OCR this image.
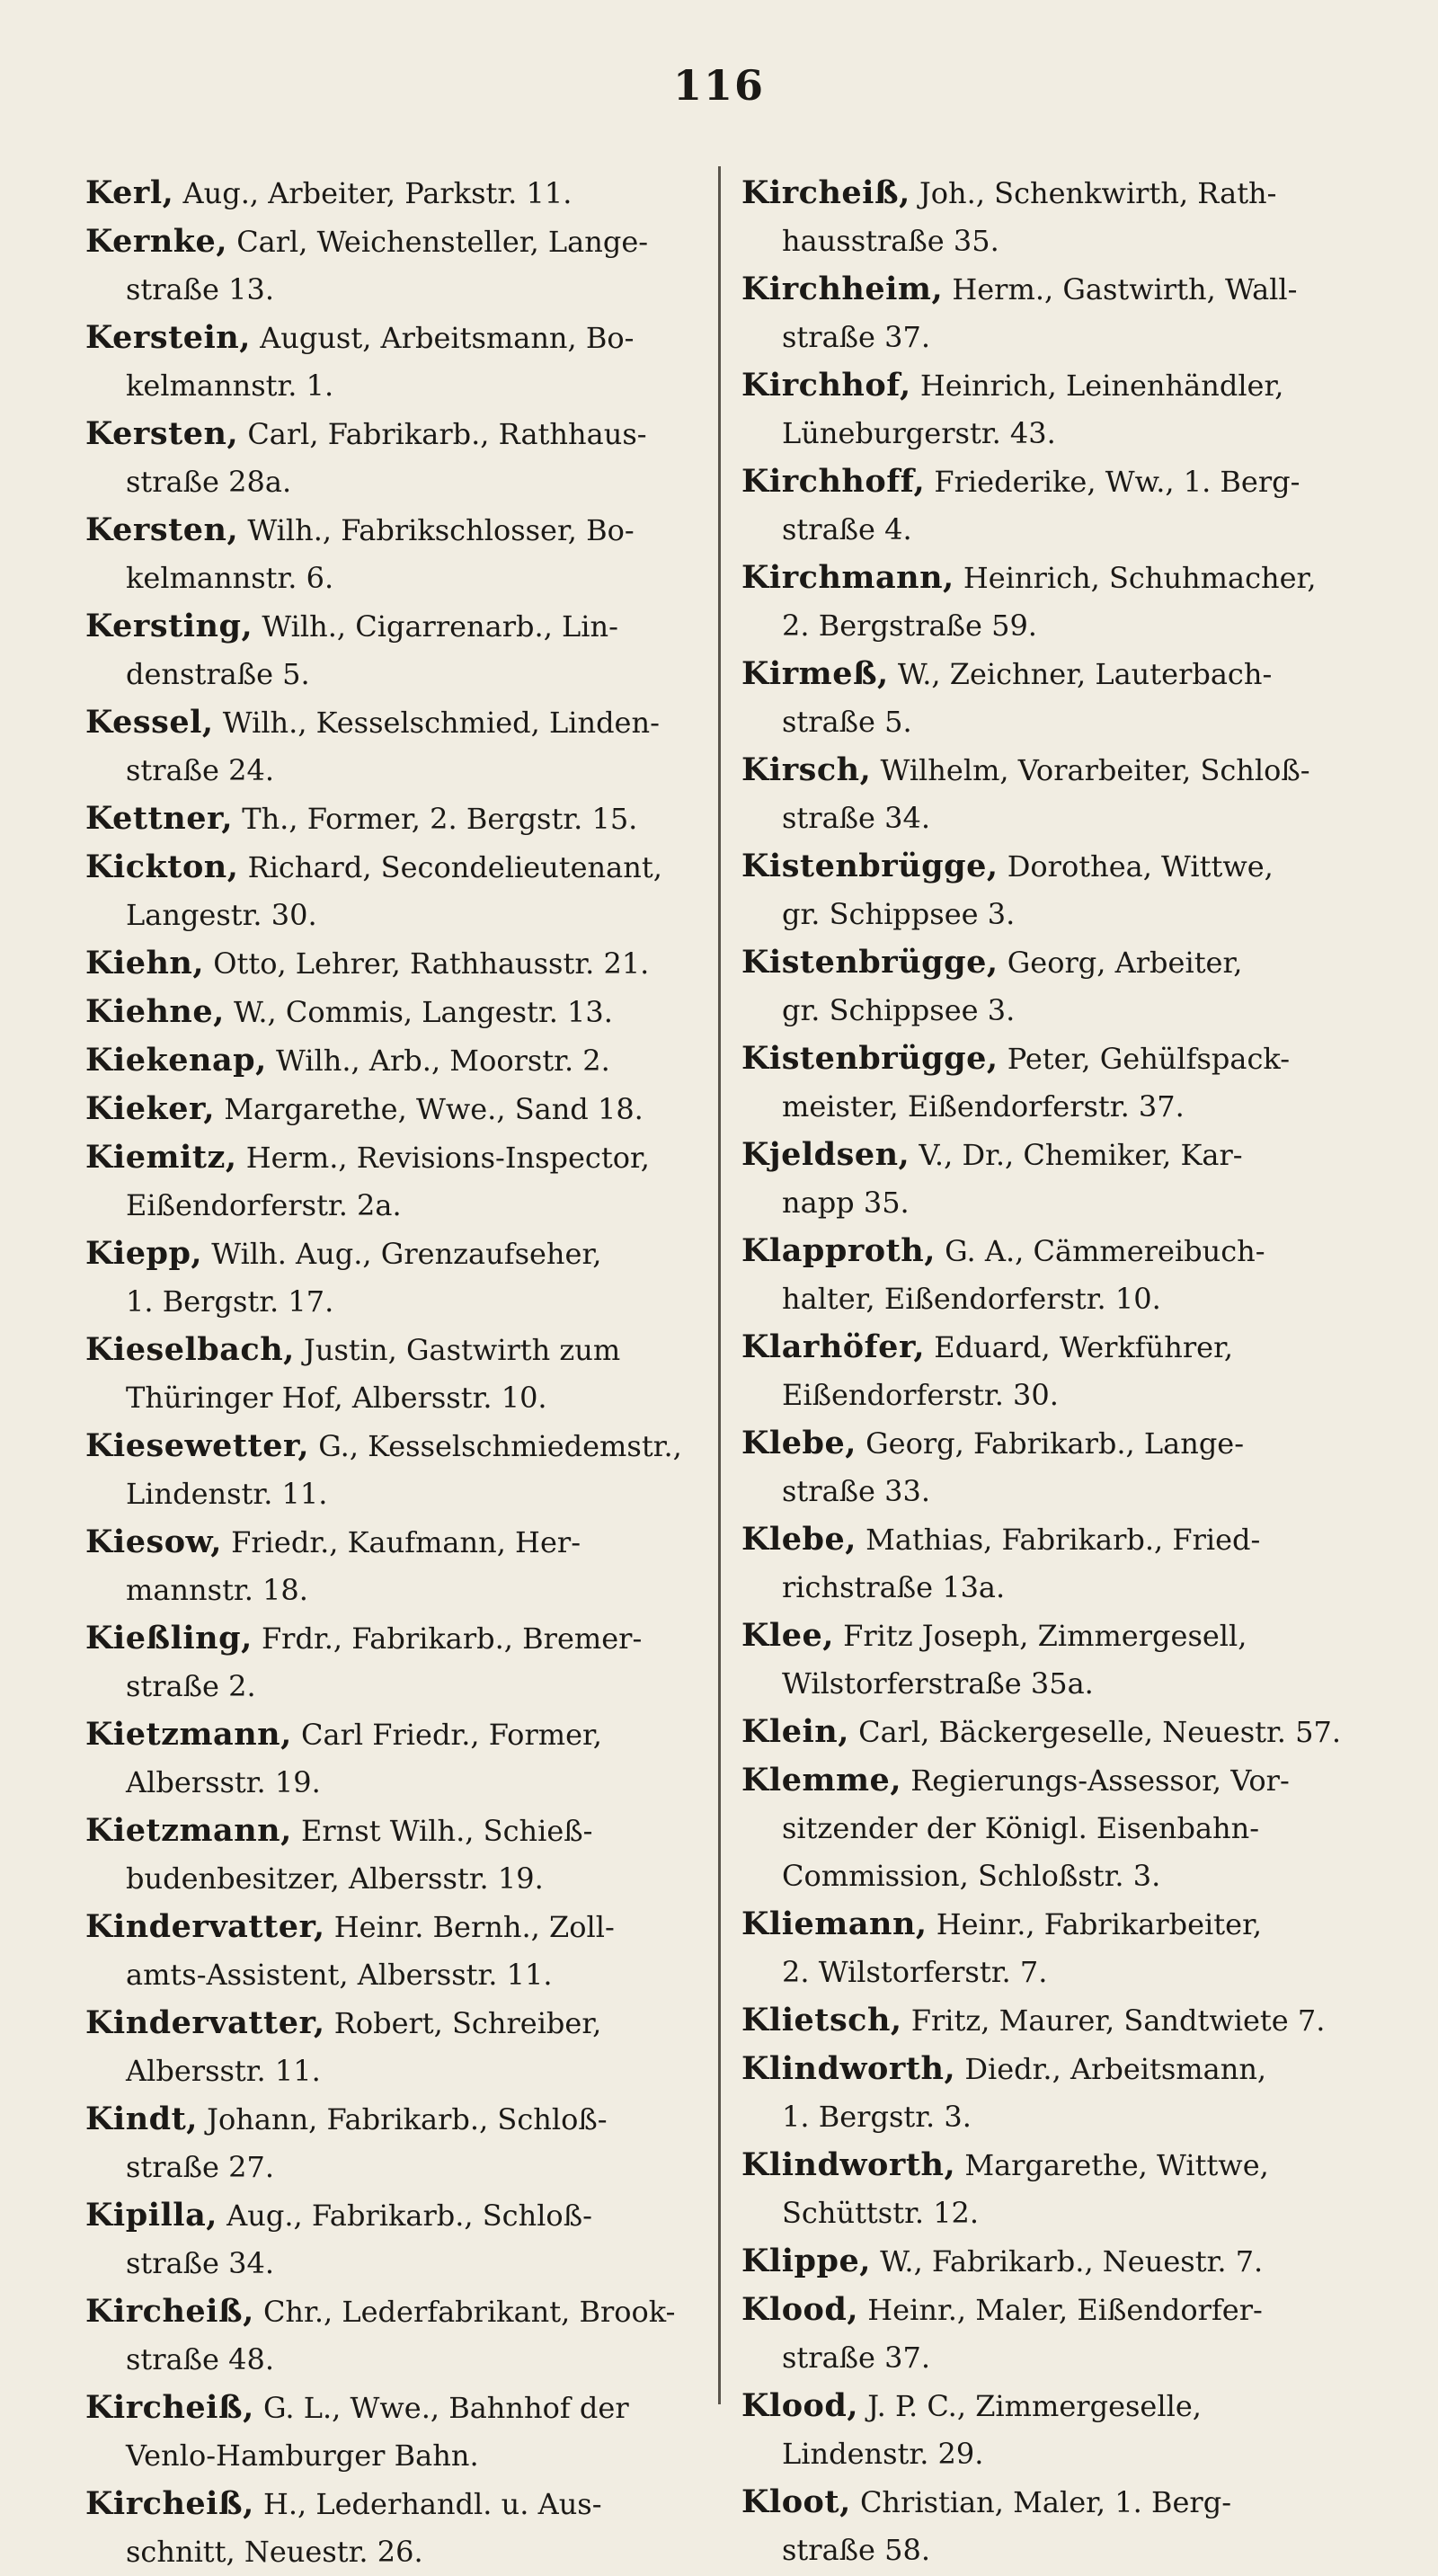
116
Kerl, Aug., Arbeiter, Parkstr. 11.
Kernke, Carl, Weichensteller, Lange-
straße 13.
Kerstein, August, Arbeitsmann, Bo-
kelmannstr. 1.
Kersten, Carl, Fabrikarb., Rathhaus-
straße 28a.
Kersten, Wilh., Fabrikschlosser, Bo-
kelmannstr. 6.
Kersting, Wilh., Cigarrenarb., Lin-
denstraße 5.
Kessel, Wilh., Kesselschmied, Linden-
straße 24.
Kettner, Th., Former, 2. Bergstr. 15.
Kickton, Richard, Secondelieutenant,
Langestr. 30.
Kiehn, Otto, Lehrer, Rathhausstr. 21.
Kiehne, W., Commis, Langestr. 13.
Kiekenap, Wilh., Arb., Moorstr. 2.
Kieker, Margarethe, Wwe., Sand 18.
Kiemitz, Herm., Revisions-Inspector,
Eißendorferstr. 2a.
Kiepp, Wilh. Aug., Grenzaufseher,
1. Bergstr. 17.
Kieselbach, Justin, Gastwirth zum
Thüringer Hof, Albersstr. 10.
Kiesewetter, G., Kesselschmiedemstr.,
Lindenstr. 11.
Kiesow, Friedr., Kaufmann, Her-
mannstr. 18.
Kießling, Frdr., Fabrikarb., Bremer-
straße 2.
Kietzmann, Carl Friedr., Former,
Albersstr. 19.
Kietzmann, Ernst Wilh., Schieß-
budenbesitzer, Albersstr. 19.
Kindervatter, Heinr. Bernh., Zoll-
amts-Assistent, Albersstr. 11.
Kindervatter, Robert, Schreiber,
Albersstr. 11.
Kindt, Johann, Fabrikarb., Schloß-
straße 27.
Kipilla, Aug., Fabrikarb., Schloß-
straße 34.
Kircheiß, Chr., Lederfabrikant, Brook-
straße 48.
Kircheiß, G. L., Wwe., Bahnhof der
Venlo-Hamburger Bahn.
Kircheiß, H., Lederhandl. u. Aus-
schnitt, Neuestr. 26.
Kircheiß, Joh., Schenkwirth, Rath-
hausstraße 35.
Kirchheim, Herm., Gastwirth, Wall-
straße 37.
Kirchhof, Heinrich, Leinenhändler,
Lüneburgerstr. 43.
Kirchhoff, Friederike, Ww., 1. Berg-
straße 4.
Kirchmann, Heinrich, Schuhmacher,
2. Bergstraße 59.
Kirmeß, W., Zeichner, Lauterbach-
straße 5.
Kirsch, Wilhelm, Vorarbeiter, Schloß-
straße 34.
Kistenbrügge, Dorothea, Wittwe,
gr. Schippsee 3.
Kistenbrügge, Georg, Arbeiter,
gr. Schippsee 3.
Kistenbrügge, Peter, Gehülfspack-
meister, Eißendorferstr. 37.
Kjeldsen, V., Dr., Chemiker, Kar-
napp 35.
Klapproth, G. A., Cämmereibuch-
halter, Eißendorferstr. 10.
Klarhöfer, Eduard, Werkführer,
Eißendorferstr. 30.
Klebe, Georg, Fabrikarb., Lange-
straße 33.
Klebe, Mathias, Fabrikarb., Fried-
richstraße 13a.
Klee, Fritz Joseph, Zimmergesell,
Wilstorferstraße 35a.
Klein, Carl, Bäckergeselle, Neuestr. 57.
Klemme, Regierungs-Assessor, Vor-
sitzender der Königl. Eisenbahn-
Commission, Schloßstr. 3.
Kliemann, Heinr., Fabrikarbeiter,
2. Wilstorferstr. 7.
Klietsch, Fritz, Maurer, Sandtwiete 7.
Klindworth, Diedr., Arbeitsmann,
1. Bergstr. 3.
Klindworth, Margarethe, Wittwe,
Schüttstr. 12.
Klippe, W., Fabrikarb., Neuestr. 7.
Klood, Heinr., Maler, Eißendorfer-
straße 37.
Klood, J. P. C., Zimmergeselle,
Lindenstr. 29.
Kloot, Christian, Maler, 1. Berg-
straße 58.
